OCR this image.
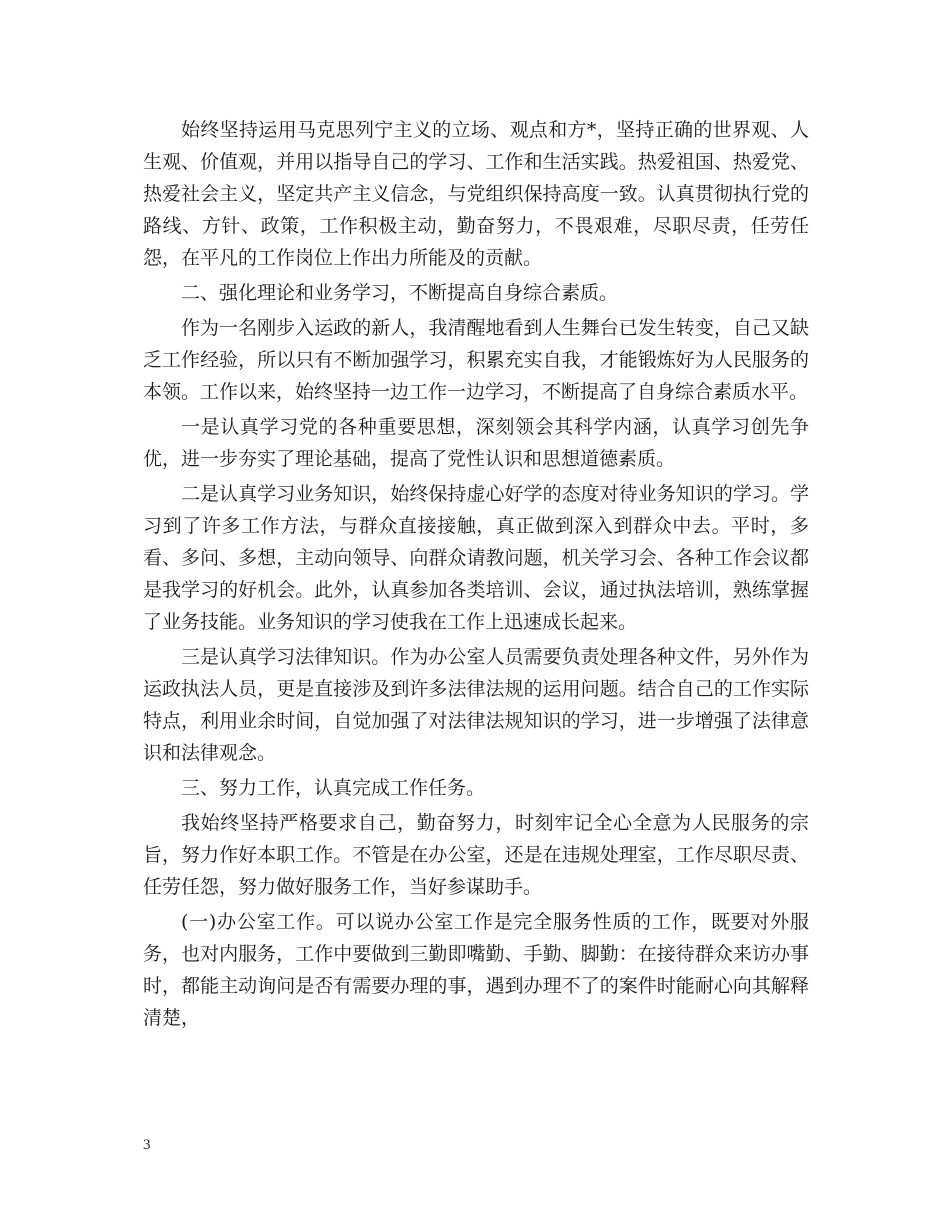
始终坚持运用马克思列宁主义的立场、观点和方*，坚持正确的世界观、人生观、价值观，并用以指导自己的学习、工作和生活实践。热爱祖国、热爱党、热爱社会主义，坚定共产主义信念，与党组织保持高度一致。认真贯彻执行党的路线、方针、政策，工作积极主动，勤奋努力，不畏艰难，尽职尽责，任劳任怨，在平凡的工作岗位上作出力所能及的贡献。

二、强化理论和业务学习，不断提高自身综合素质。

作为一名刚步入运政的新人，我清醒地看到人生舞台已发生转变，自己又缺乏工作经验，所以只有不断加强学习，积累充实自我，才能锻炼好为人民服务的本领。工作以来，始终坚持一边工作一边学习，不断提高了自身综合素质水平。

一是认真学习党的各种重要思想，深刻领会其科学内涵，认真学习创先争优，进一步夯实了理论基础，提高了党性认识和思想道德素质。

二是认真学习业务知识，始终保持虚心好学的态度对待业务知识的学习。学习到了许多工作方法，与群众直接接触，真正做到深入到群众中去。平时，多看、多问、多想，主动向领导、向群众请教问题，机关学习会、各种工作会议都是我学习的好机会。此外，认真参加各类培训、会议，通过执法培训，熟练掌握了业务技能。业务知识的学习使我在工作上迅速成长起来。

三是认真学习法律知识。作为办公室人员需要负责处理各种文件，另外作为运政执法人员，更是直接涉及到许多法律法规的运用问题。结合自己的工作实际特点，利用业余时间，自觉加强了对法律法规知识的学习，进一步增强了法律意识和法律观念。

三、努力工作，认真完成工作任务。

我始终坚持严格要求自己，勤奋努力，时刻牢记全心全意为人民服务的宗旨，努力作好本职工作。不管是在办公室，还是在违规处理室，工作尽职尽责、任劳任怨，努力做好服务工作，当好参谋助手。

(一)办公室工作。可以说办公室工作是完全服务性质的工作，既要对外服务，也对内服务，工作中要做到三勤即嘴勤、手勤、脚勤：在接待群众来访办事时，都能主动询问是否有需要办理的事，遇到办理不了的案件时能耐心向其解释清楚，

3
